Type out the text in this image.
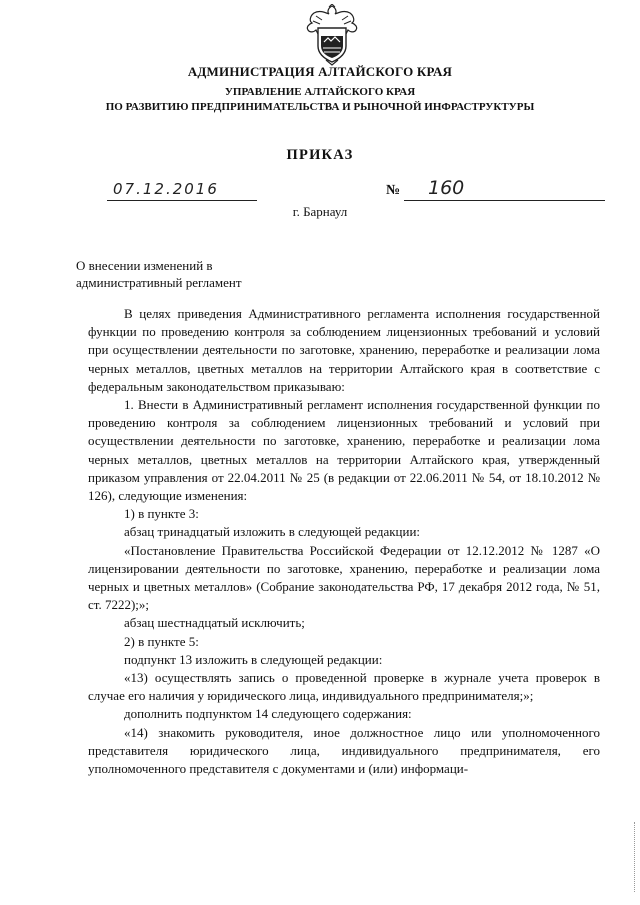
АДМИНИСТРАЦИЯ АЛТАЙСКОГО КРАЯ
УПРАВЛЕНИЕ АЛТАЙСКОГО КРАЯ
ПО РАЗВИТИЮ ПРЕДПРИНИМАТЕЛЬСТВА И РЫНОЧНОЙ ИНФРАСТРУКТУРЫ
ПРИКАЗ
07.12.2016	№ 160
г. Барнаул
О внесении изменений в
административный регламент

В целях приведения Административного регламента исполнения государственной функции по проведению контроля за соблюдением лицензионных требований и условий при осуществлении деятельности по заготовке, хранению, переработке и реализации лома черных металлов, цветных металлов на территории Алтайского края в соответствие с федеральным законодательством приказываю:

1. Внести в Административный регламент исполнения государственной функции по проведению контроля за соблюдением лицензионных требований и условий при осуществлении деятельности по заготовке, хранению, переработке и реализации лома черных металлов, цветных металлов на территории Алтайского края, утвержденный приказом управления от 22.04.2011 № 25 (в редакции от 22.06.2011 № 54, от 18.10.2012 № 126), следующие изменения:

1) в пункте 3:

абзац тринадцатый изложить в следующей редакции:

«Постановление Правительства Российской Федерации от 12.12.2012 № 1287 «О лицензировании деятельности по заготовке, хранению, переработке и реализации лома черных и цветных металлов» (Собрание законодательства РФ, 17 декабря 2012 года, № 51, ст. 7222);»;

абзац шестнадцатый исключить;

2) в пункте 5:

подпункт 13 изложить в следующей редакции:

«13) осуществлять запись о проведенной проверке в журнале учета проверок в случае его наличия у юридического лица, индивидуального предпринимателя;»;

дополнить подпунктом 14 следующего содержания:

«14) знакомить руководителя, иное должностное лицо или уполномоченного представителя юридического лица, индивидуального предпринимателя, его уполномоченного представителя с документами и (или) информаци-
